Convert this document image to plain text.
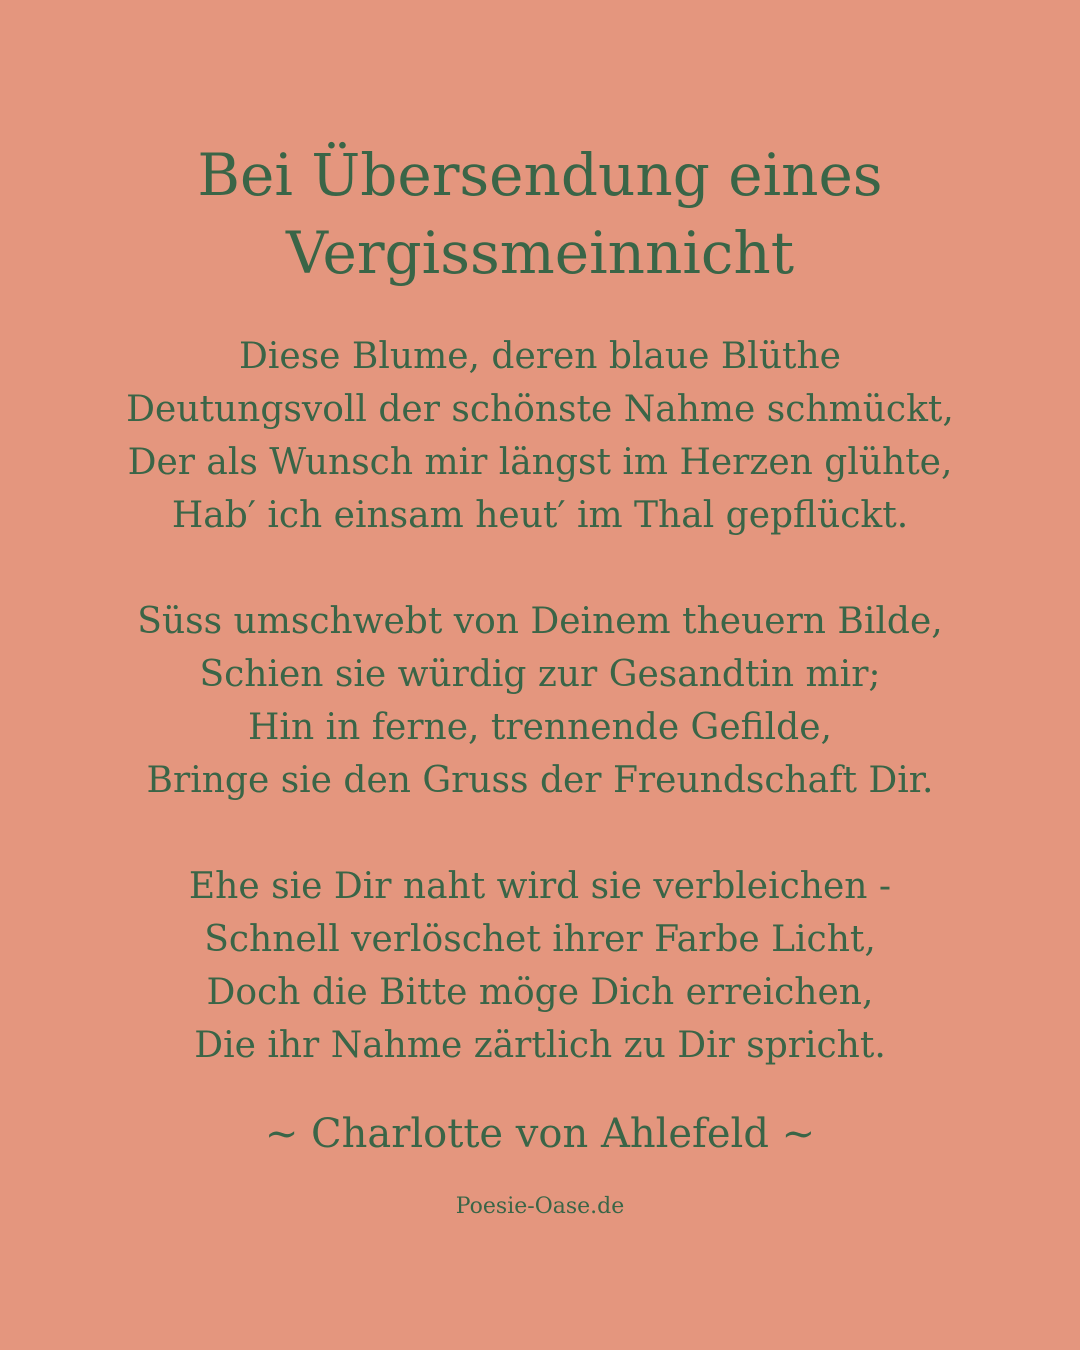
Bei Übersendung eines
Vergissmeinnicht
Diese Blume, deren blaue Blüthe
Deutungsvoll der schönste Nahme schmückt,
Der als Wunsch mir längst im Herzen glühte,
Hab′ ich einsam heut′ im Thal gepflückt.
Süss umschwebt von Deinem theuern Bilde,
Schien sie würdig zur Gesandtin mir;
Hin in ferne, trennende Gefilde,
Bringe sie den Gruss der Freundschaft Dir.
Ehe sie Dir naht wird sie verbleichen -
Schnell verlöschet ihrer Farbe Licht,
Doch die Bitte möge Dich erreichen,
Die ihr Nahme zärtlich zu Dir spricht.
~ Charlotte von Ahlefeld ~
Poesie-Oase.de
